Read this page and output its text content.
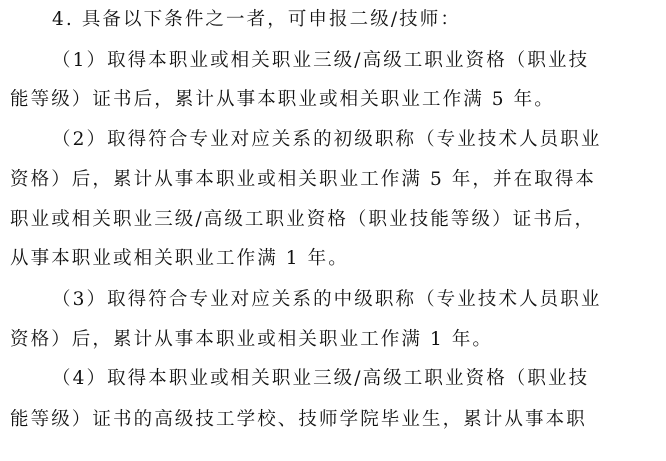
4. 具备以下条件之一者，可申报二级/技师：
（1）取得本职业或相关职业三级/高级工职业资格（职业技
能等级）证书后，累计从事本职业或相关职业工作满 5 年。
（2）取得符合专业对应关系的初级职称（专业技术人员职业
资格）后，累计从事本职业或相关职业工作满 5 年，并在取得本
职业或相关职业三级/高级工职业资格（职业技能等级）证书后，
从事本职业或相关职业工作满 1 年。
（3）取得符合专业对应关系的中级职称（专业技术人员职业
资格）后，累计从事本职业或相关职业工作满 1 年。
（4）取得本职业或相关职业三级/高级工职业资格（职业技
能等级）证书的高级技工学校、技师学院毕业生，累计从事本职
